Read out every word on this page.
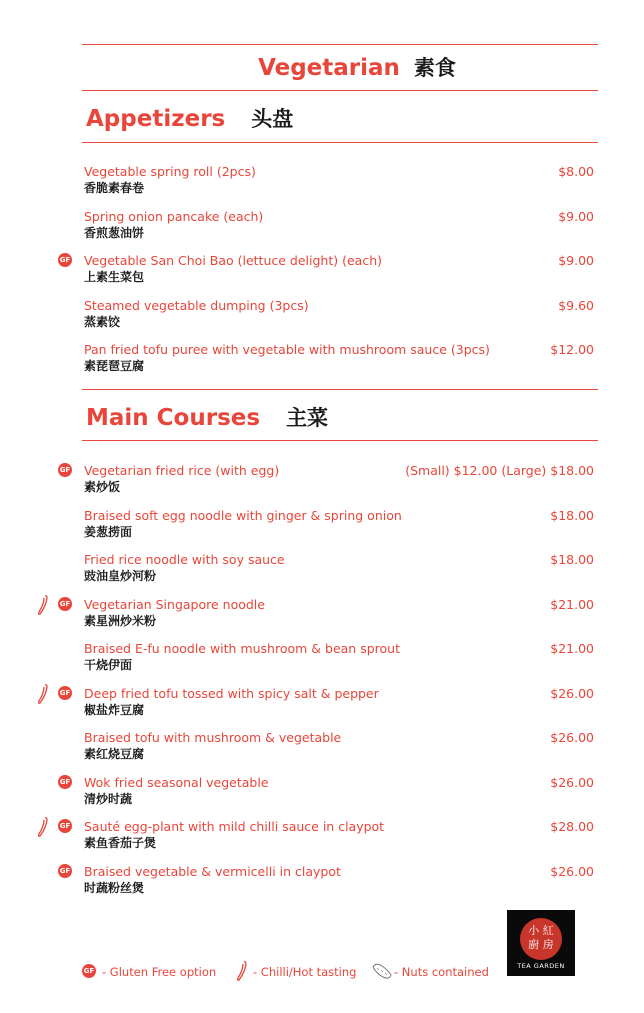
Vegetarian 素食
Appetizers 头盘
Vegetable spring roll (2pcs)
香脆素春卷
$8.00
Spring onion pancake (each)
香煎葱油饼
$9.00
GF Vegetable San Choi Bao (lettuce delight) (each)
上素生菜包
$9.00
Steamed vegetable dumping (3pcs)
蒸素饺
$9.60
Pan fried tofu puree with vegetable with mushroom sauce (3pcs)
素琵琶豆腐
$12.00
Main Courses 主菜
GF Vegetarian fried rice (with egg)
素炒饭
(Small) $12.00 (Large) $18.00
Braised soft egg noodle with ginger & spring onion
姜葱捞面
$18.00
Fried rice noodle with soy sauce
豉油皇炒河粉
$18.00
GF Vegetarian Singapore noodle
素星洲炒米粉
$21.00
Braised E-fu noodle with mushroom & bean sprout
干烧伊面
$21.00
GF Deep fried tofu tossed with spicy salt & pepper
椒盐炸豆腐
$26.00
Braised tofu with mushroom & vegetable
素红烧豆腐
$26.00
GF Wok fried seasonal vegetable
清炒时蔬
$26.00
GF Sauté egg-plant with mild chilli sauce in claypot
素鱼香茄子煲
$28.00
GF Braised vegetable & vermicelli in claypot
时蔬粉丝煲
$26.00
GF - Gluten Free option	- Chilli/Hot tasting	- Nuts contained
小 紅
廚 房
TEA GARDEN
